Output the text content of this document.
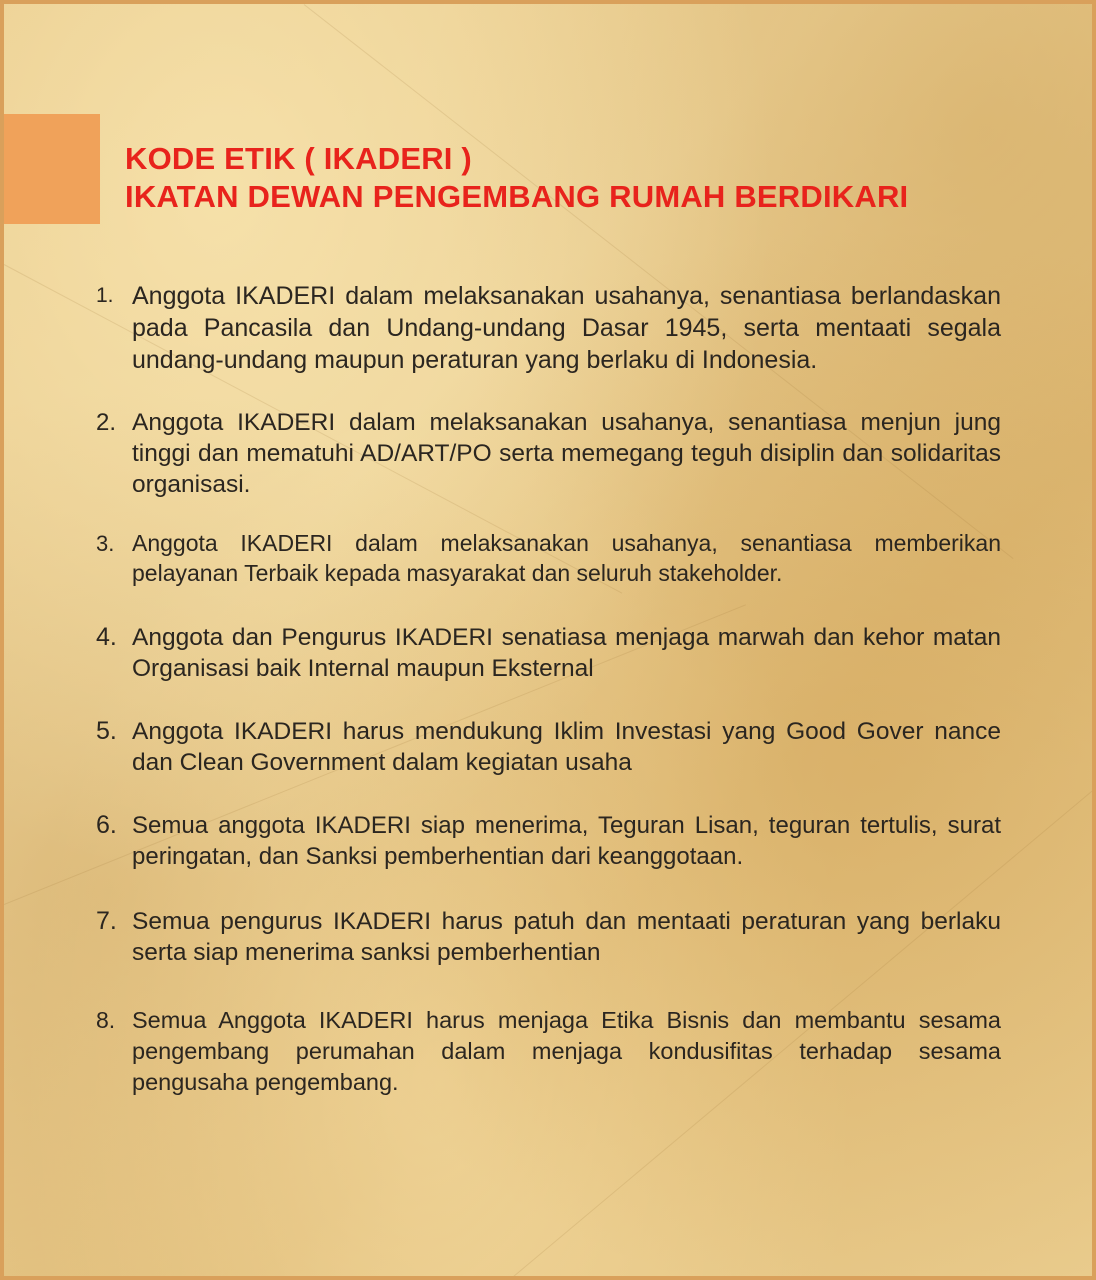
KODE ETIK ( IKADERI )
IKATAN DEWAN PENGEMBANG RUMAH BERDIKARI
1. Anggota IKADERI dalam melaksanakan usahanya, senantiasa berlandaskan pada Pancasila dan Undang-undang Dasar 1945, serta mentaati segala undang-undang maupun peraturan yang berlaku di Indonesia.
2. Anggota IKADERI dalam melaksanakan usahanya, senantiasa menjun jung tinggi dan mematuhi AD/ART/PO serta memegang teguh disiplin dan solidaritas organisasi.
3. Anggota IKADERI dalam melaksanakan usahanya, senantiasa memberikan pelayanan Terbaik kepada masyarakat dan seluruh stakeholder.
4. Anggota dan Pengurus IKADERI senatiasa menjaga marwah dan kehor matan Organisasi baik Internal maupun Eksternal
5. Anggota IKADERI harus mendukung Iklim Investasi yang Good Gover nance dan Clean Government dalam kegiatan usaha
6. Semua anggota IKADERI siap menerima, Teguran Lisan, teguran tertulis, surat peringatan, dan Sanksi pemberhentian dari keanggotaan.
7. Semua pengurus IKADERI harus patuh dan mentaati peraturan yang berlaku serta siap menerima sanksi pemberhentian
8. Semua Anggota IKADERI harus menjaga Etika Bisnis dan membantu sesama pengembang perumahan dalam menjaga kondusifitas terhadap sesama pengusaha pengembang.
